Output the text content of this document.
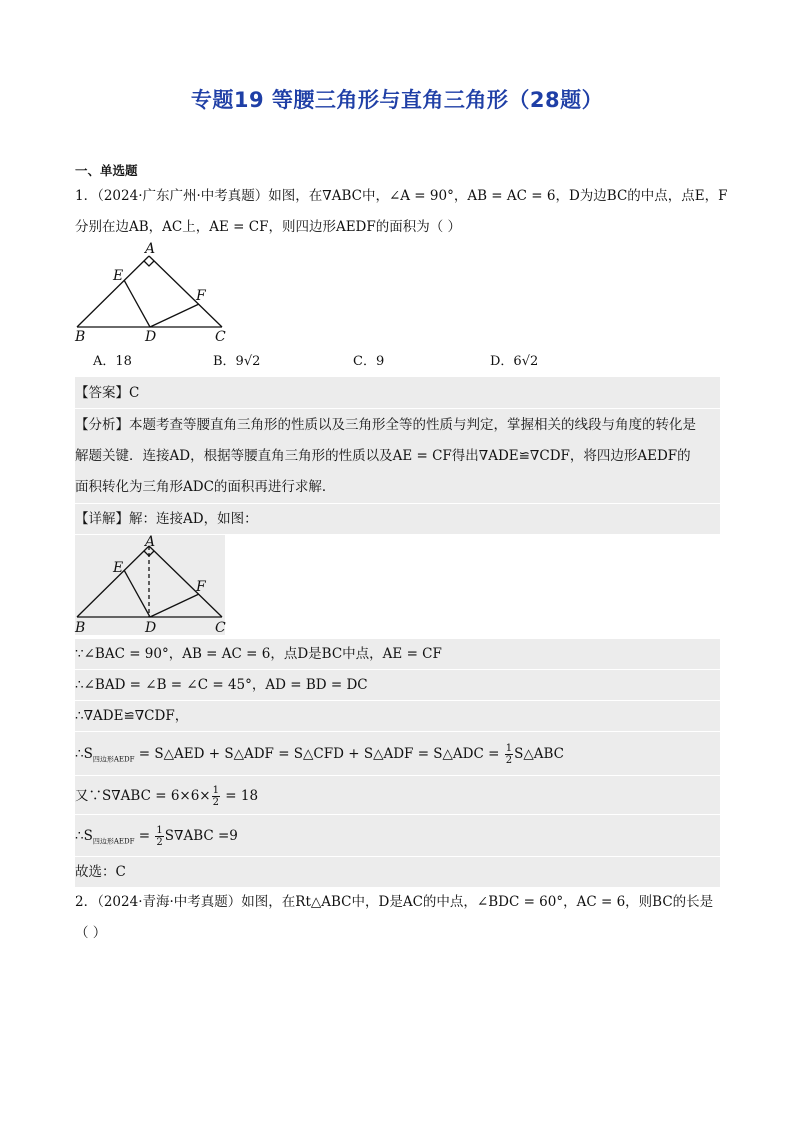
专题19 等腰三角形与直角三角形（28题）
一、单选题
1．（2024·广东广州·中考真题）如图，在∇ABC中，∠A = 90°，AB = AC = 6，D为边BC的中点，点E，F
分别在边AB，AC上，AE = CF，则四边形AEDF的面积为（ ）
A
E
F
B	D	C
A．18	B．9√2	C．9	D．6√2
【答案】C
【分析】本题考查等腰直角三角形的性质以及三角形全等的性质与判定，掌握相关的线段与角度的转化是
解题关键．连接AD，根据等腰直角三角形的性质以及AE = CF得出∇ADE≌∇CDF，将四边形AEDF的
面积转化为三角形ADC的面积再进行求解．
【详解】解：连接AD，如图：
A
E
F
B	D	C
∵∠BAC = 90°，AB = AC = 6，点D是BC中点，AE = CF
∴∠BAD = ∠B = ∠C = 45°，AD = BD = DC
∴∇ADE≌∇CDF，
$\therefore S_{四边形AEDF}$ = S△AED + S△ADF = S△CFD + S△ADF = S△ADC = $\frac{1}{2}$ S△ABC
又∵S∇ABC = $6\times 6\times \frac{1}{2} = 18$
$\therefore S_{四边形AEDF} = \frac{1}{2} S\nabla ABC =9$
故选：C
2．（2024·青海·中考真题）如图，在Rt△ABC中，D是AC的中点，∠BDC = 60°，AC = 6，则BC的长是
（ ）
